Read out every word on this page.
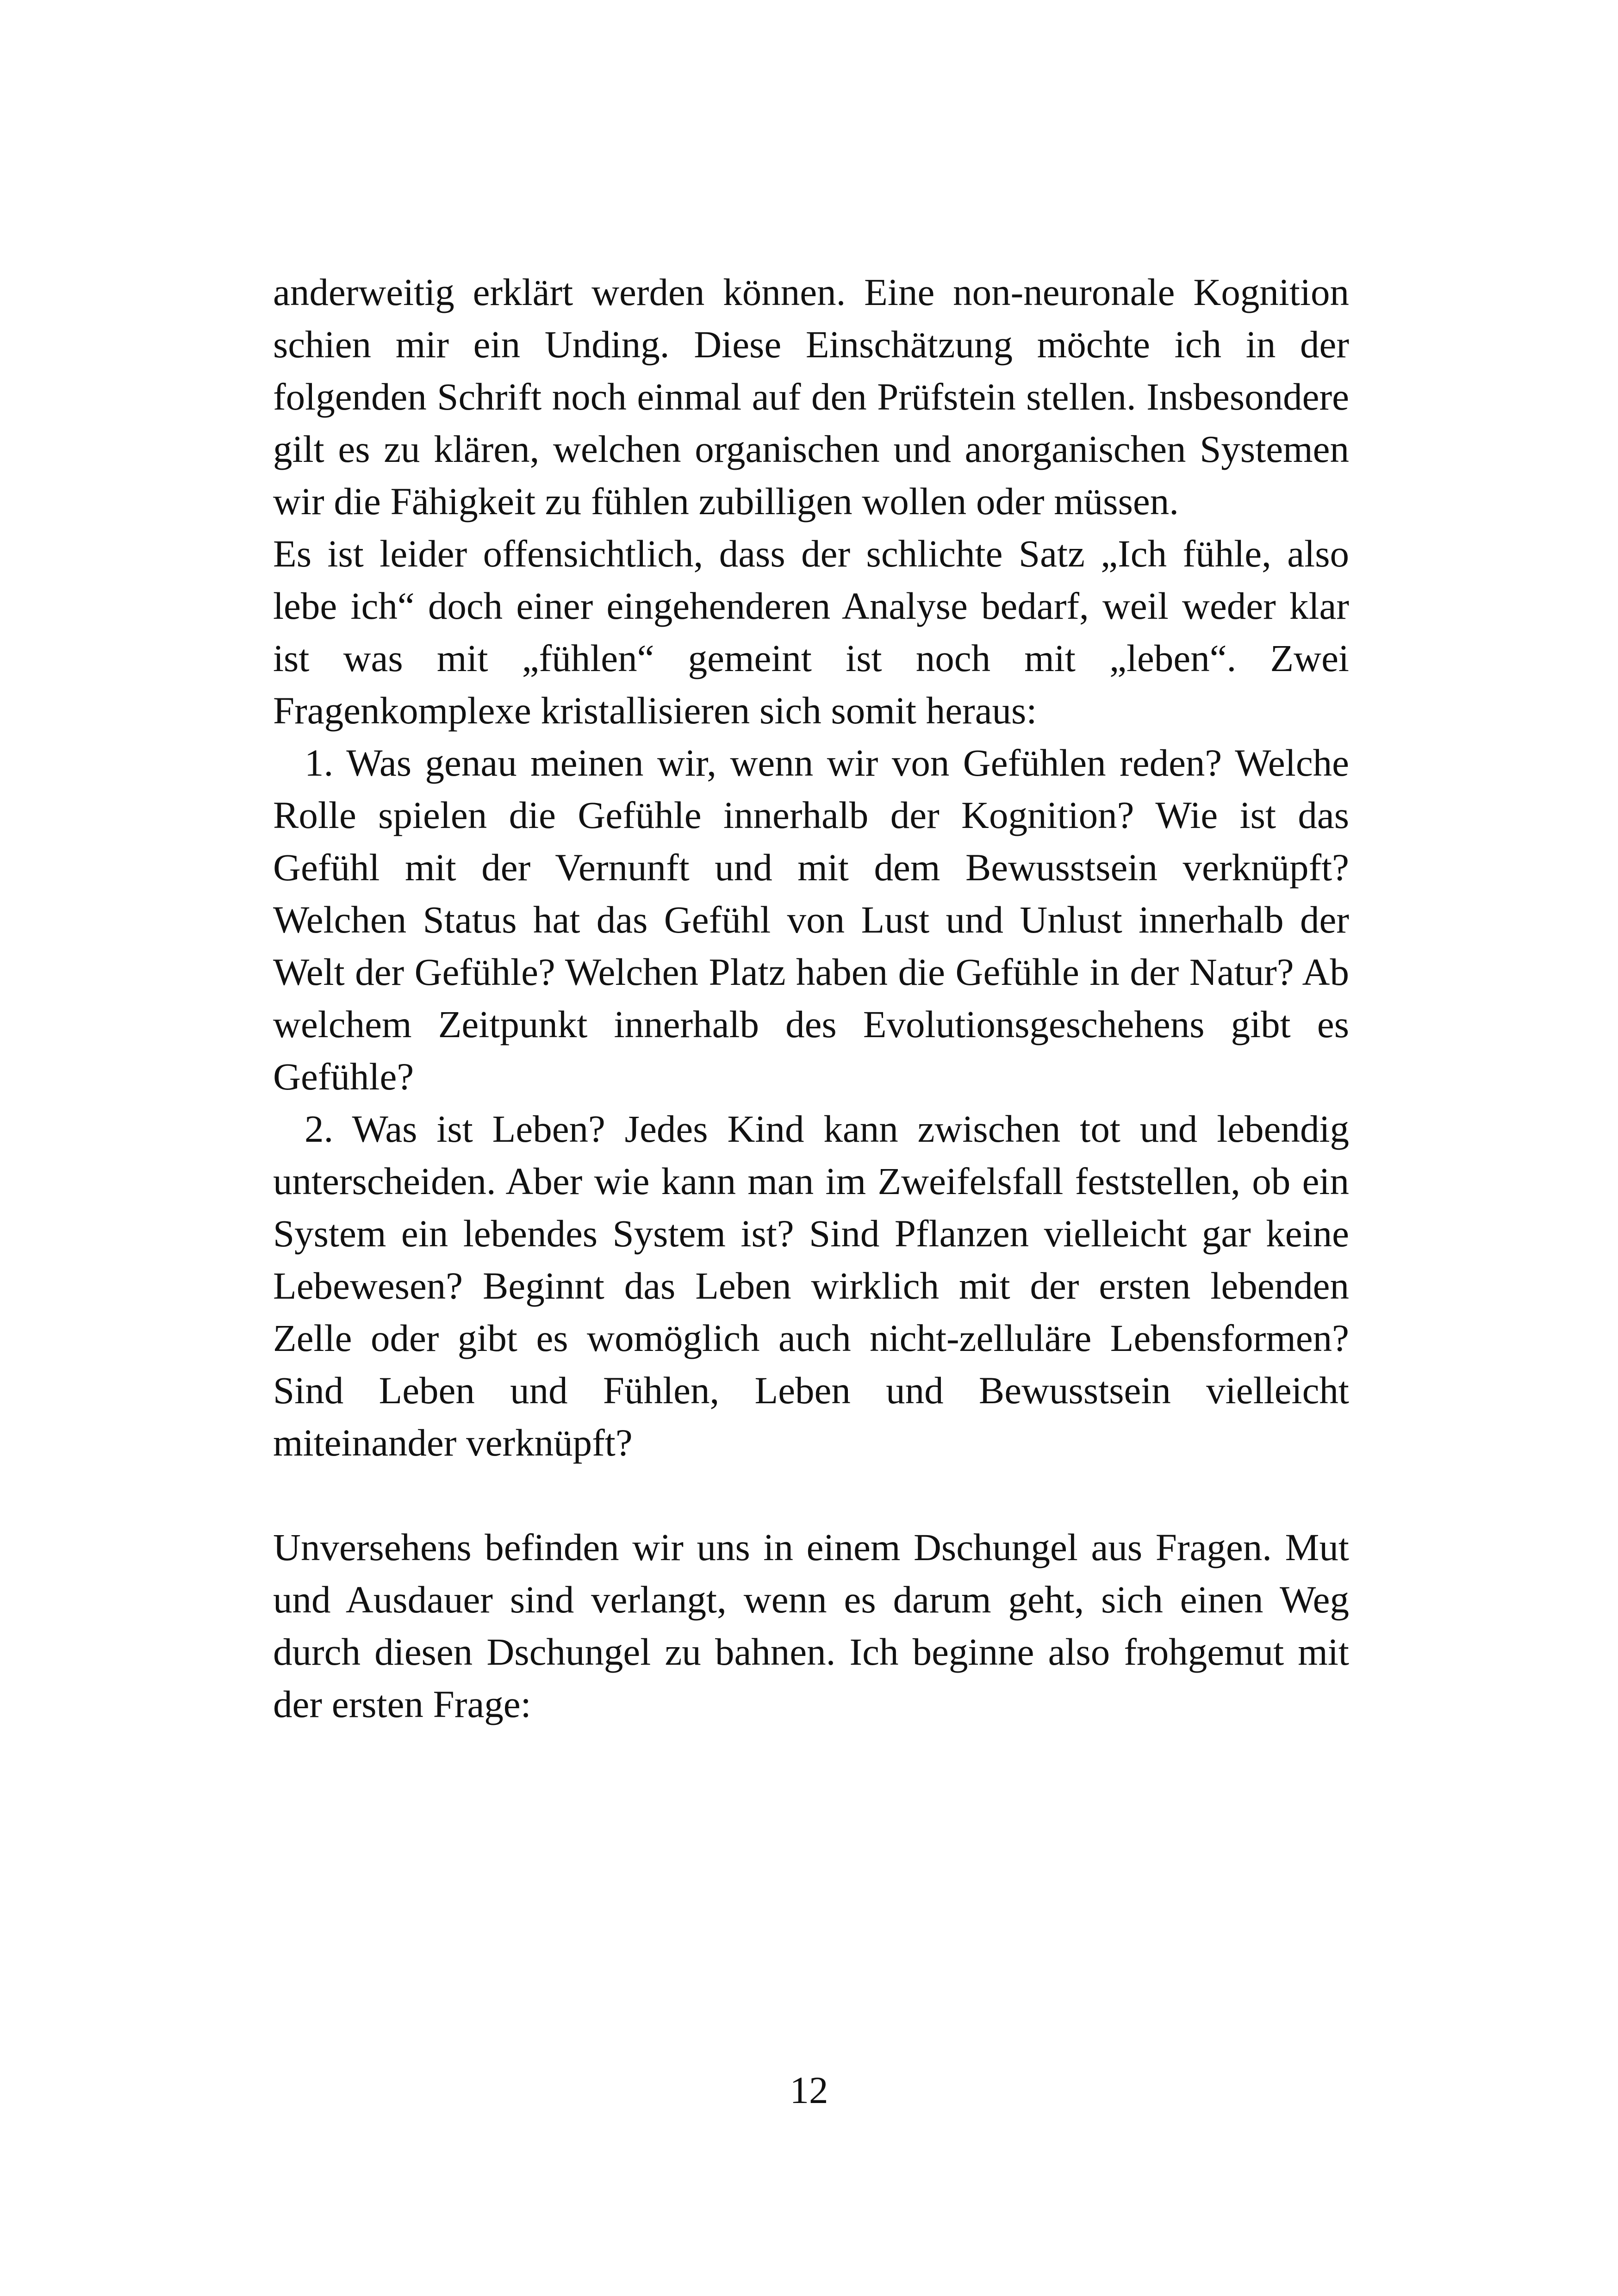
anderweitig erklärt werden können. Eine non-neuronale Kognition schien mir ein Unding. Diese Einschätzung möchte ich in der folgenden Schrift noch einmal auf den Prüfstein stellen. Insbesondere gilt es zu klären, welchen organischen und anorganischen Systemen wir die Fähigkeit zu fühlen zubilligen wollen oder müssen.

Es ist leider offensichtlich, dass der schlichte Satz „Ich fühle, also lebe ich“ doch einer eingehenderen Analyse bedarf, weil weder klar ist was mit „fühlen“ gemeint ist noch mit „leben“. Zwei Fragenkomplexe kristallisieren sich somit heraus:

1. Was genau meinen wir, wenn wir von Gefühlen reden? Welche Rolle spielen die Gefühle innerhalb der Kognition? Wie ist das Gefühl mit der Vernunft und mit dem Bewusstsein verknüpft? Welchen Status hat das Gefühl von Lust und Unlust innerhalb der Welt der Gefühle? Welchen Platz haben die Gefühle in der Natur? Ab welchem Zeitpunkt innerhalb des Evolutionsgeschehens gibt es Gefühle?

2. Was ist Leben? Jedes Kind kann zwischen tot und lebendig unterscheiden. Aber wie kann man im Zweifelsfall feststellen, ob ein System ein lebendes System ist? Sind Pflanzen vielleicht gar keine Lebewesen? Beginnt das Leben wirklich mit der ersten lebenden Zelle oder gibt es womöglich auch nicht-zelluläre Lebensformen? Sind Leben und Fühlen, Leben und Bewusstsein vielleicht miteinander verknüpft?

Unversehens befinden wir uns in einem Dschungel aus Fragen. Mut und Ausdauer sind verlangt, wenn es darum geht, sich einen Weg durch diesen Dschungel zu bahnen. Ich beginne also frohgemut mit der ersten Frage:

12
